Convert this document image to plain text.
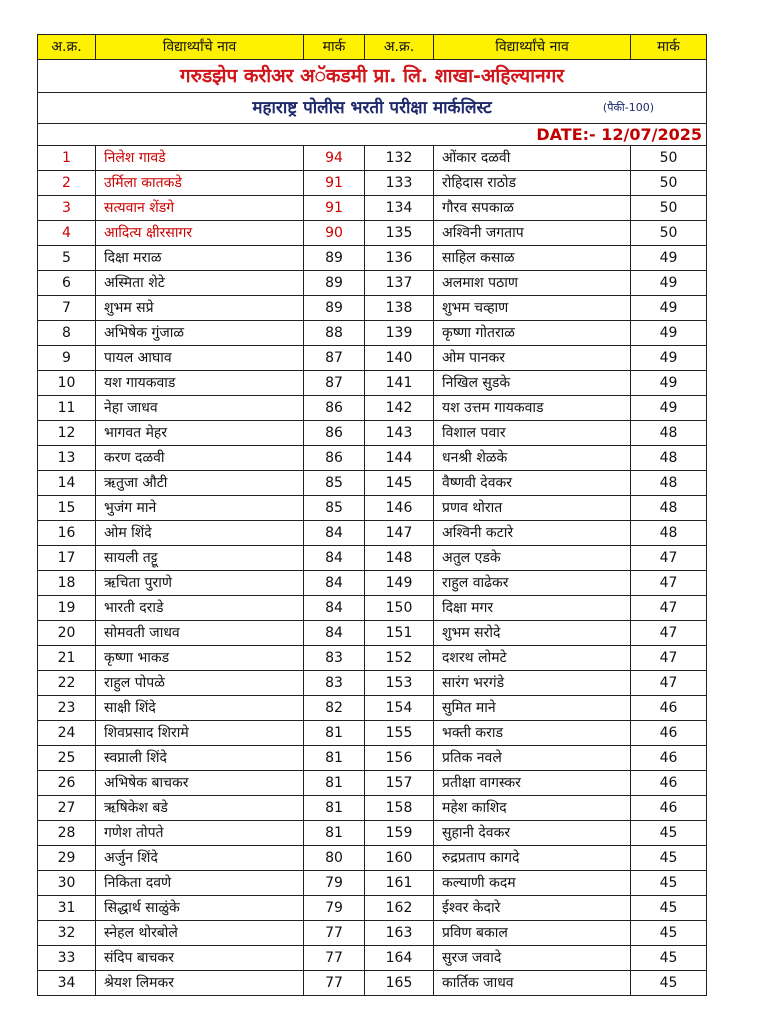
गरुडझेप करीअर अॅकडमी प्रा. लि. शाखा-अहिल्यानगर					
महाराष्ट्र पोलीस भरती परीक्षा मार्कलिस्ट (पैकी-100)					

DATE:- 12/07/2025					
अ.क्र.	विद्यार्थ्यांचे नाव	मार्क	अ.क्र.	विद्यार्थ्यांचे नाव	मार्क
1	निलेश गावडे	94	132	ओंकार दळवी	50
2	उर्मिला कातकडे	91	133	रोहिदास राठोड	50
3	सत्यवान शेंडगे	91	134	गौरव सपकाळ	50
4	आदित्य क्षीरसागर	90	135	अश्विनी जगताप	50
5	दिक्षा मराळ	89	136	साहिल कसाळ	49
6	अस्मिता शेटे	89	137	अलमाश पठाण	49
7	शुभम सप्रे	89	138	शुभम चव्हाण	49
8	अभिषेक गुंजाळ	88	139	कृष्णा गोतराळ	49
9	पायल आघाव	87	140	ओम पानकर	49
10	यश गायकवाड	87	141	निखिल सुडके	49
11	नेहा जाधव	86	142	यश उत्तम गायकवाड	49
12	भागवत मेहर	86	143	विशाल पवार	48
13	करण दळवी	86	144	धनश्री शेळके	48
14	ऋतुजा औटी	85	145	वैष्णवी देवकर	48
15	भुजंग माने	85	146	प्रणव थोरात	48
16	ओम शिंदे	84	147	अश्विनी कटारे	48
17	सायली तट्टू	84	148	अतुल एडके	47
18	ऋचिता पुराणे	84	149	राहुल वाढेकर	47
19	भारती दराडे	84	150	दिक्षा मगर	47
20	सोमवती जाधव	84	151	शुभम सरोदे	47
21	कृष्णा भाकड	83	152	दशरथ लोमटे	47
22	राहुल पोपळे	83	153	सारंग भरगंडे	47
23	साक्षी शिंदे	82	154	सुमित माने	46
24	शिवप्रसाद शिरामे	81	155	भक्ती कराड	46
25	स्वप्नाली शिंदे	81	156	प्रतिक नवले	46
26	अभिषेक बाचकर	81	157	प्रतीक्षा वागस्कर	46
27	ऋषिकेश बडे	81	158	महेश काशिद	46
28	गणेश तोपते	81	159	सुहानी देवकर	45
29	अर्जुन शिंदे	80	160	रुद्रप्रताप कागदे	45
30	निकिता दवणे	79	161	कल्याणी कदम	45
31	सिद्धार्थ साळुंके	79	162	ईश्वर केदारे	45
32	स्नेहल थोरबोले	77	163	प्रविण बकाल	45
33	संदिप बाचकर	77	164	सुरज जवादे	45
34	श्रेयश लिमकर	77	165	कार्तिक जाधव	45
